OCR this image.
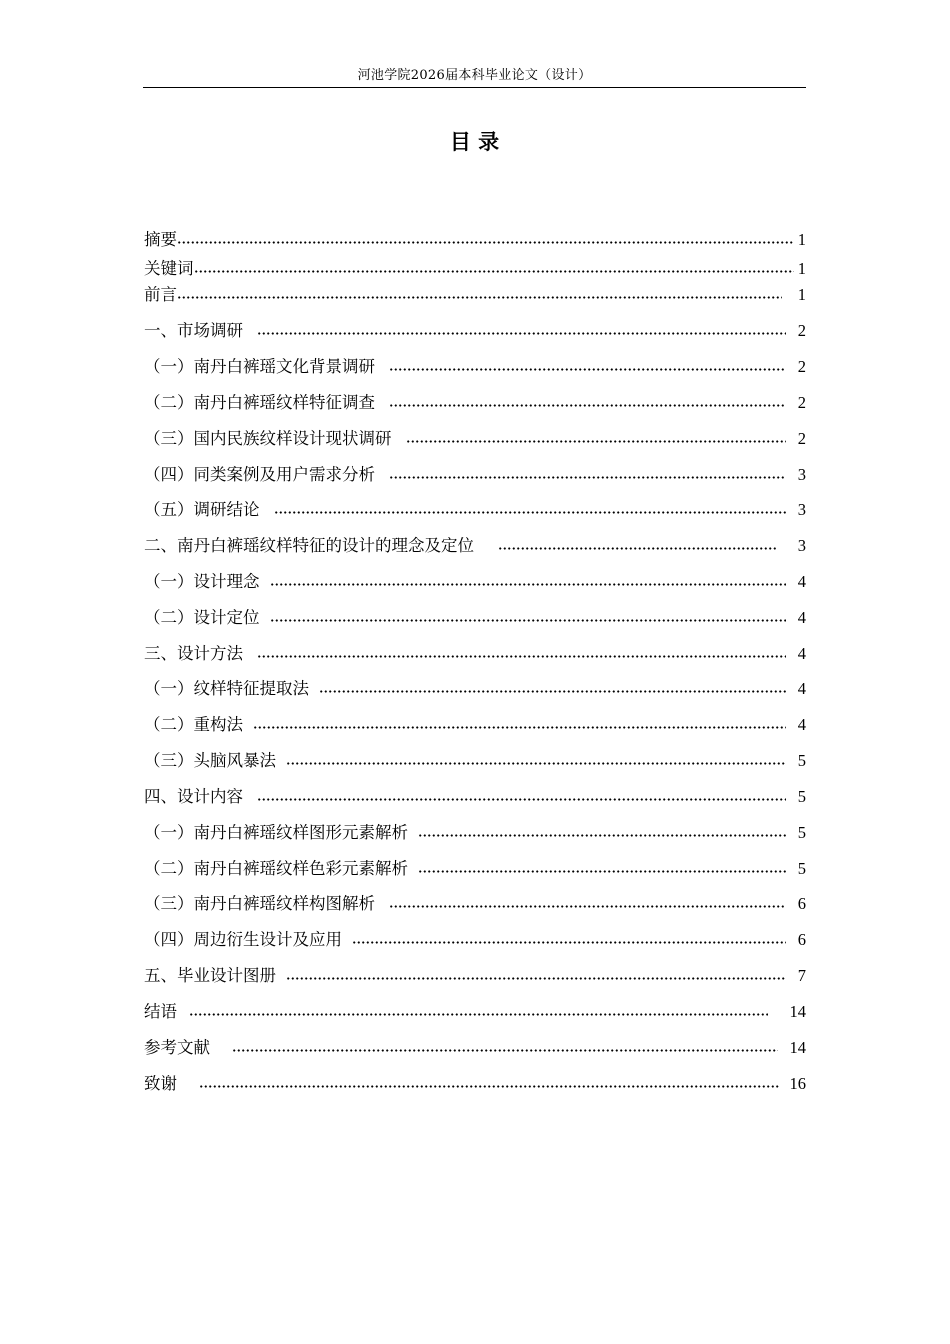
河池学院2026届本科毕业论文（设计）
目 录
摘要	1
关键词	1
前言	1
一、市场调研	2
（一）南丹白裤瑶文化背景调研	2
（二）南丹白裤瑶纹样特征调查	2
（三）国内民族纹样设计现状调研	2
（四）同类案例及用户需求分析	3
（五）调研结论	3
二、南丹白裤瑶纹样特征的设计的理念及定位	3
（一）设计理念	4
（二）设计定位	4
三、设计方法	4
（一）纹样特征提取法	4
（二）重构法	4
（三）头脑风暴法	5
四、设计内容	5
（一）南丹白裤瑶纹样图形元素解析	5
（二）南丹白裤瑶纹样色彩元素解析	5
（三）南丹白裤瑶纹样构图解析	6
（四）周边衍生设计及应用	6
五、毕业设计图册	7
结语	14
参考文献	14
致谢	16
